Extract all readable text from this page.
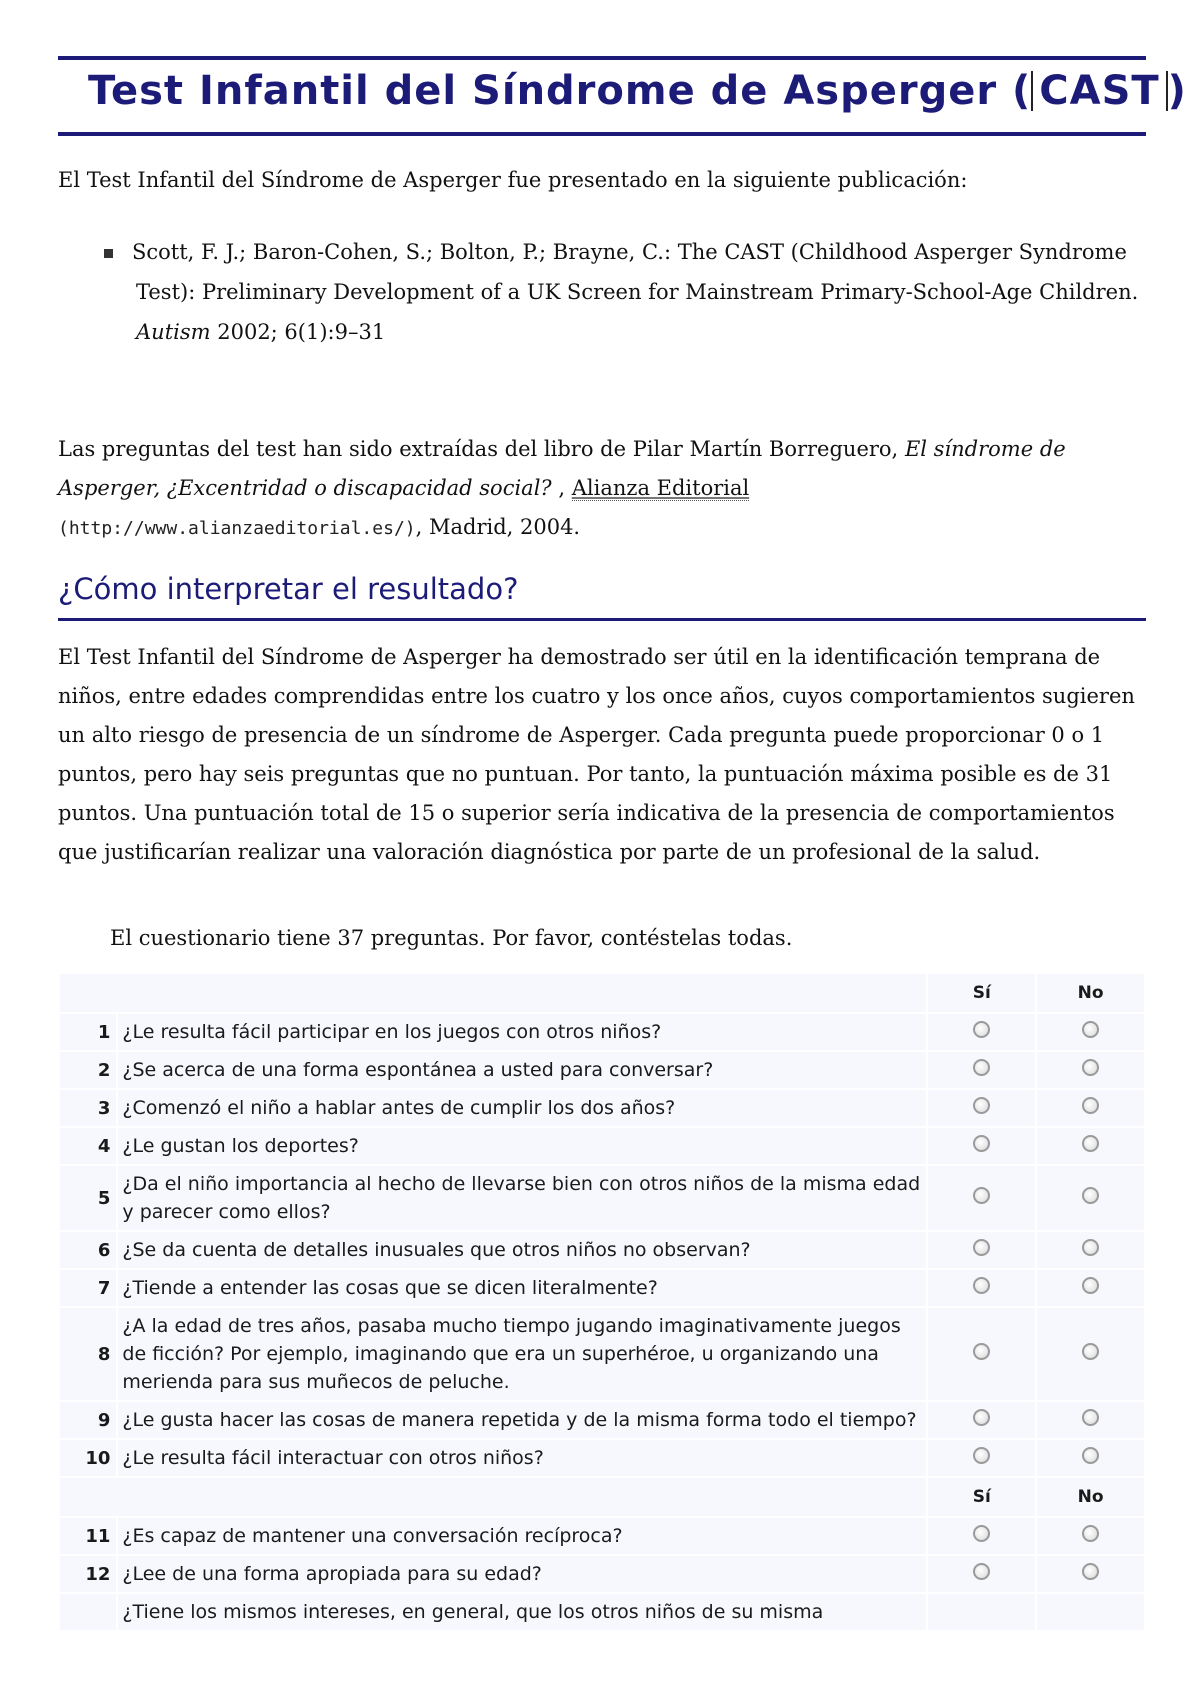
Test Infantil del Síndrome de Asperger ( CAST )
El Test Infantil del Síndrome de Asperger fue presentado en la siguiente publicación:
Scott, F. J.; Baron-Cohen, S.; Bolton, P.; Brayne, C.: The CAST (Childhood Asperger Syndrome Test): Preliminary Development of a UK Screen for Mainstream Primary-School-Age Children. Autism 2002; 6(1):9–31
Las preguntas del test han sido extraídas del libro de Pilar Martín Borreguero, El síndrome de Asperger, ¿Excentridad o discapacidad social? , Alianza Editorial
(http://www.alianzaeditorial.es/), Madrid, 2004.
¿Cómo interpretar el resultado?

El Test Infantil del Síndrome de Asperger ha demostrado ser útil en la identificación temprana de niños, entre edades comprendidas entre los cuatro y los once años, cuyos comportamientos sugieren un alto riesgo de presencia de un síndrome de Asperger. Cada pregunta puede proporcionar 0 o 1 puntos, pero hay seis preguntas que no puntuan. Por tanto, la puntuación máxima posible es de 31 puntos. Una puntuación total de 15 o superior sería indicativa de la presencia de comportamientos que justificarían realizar una valoración diagnóstica por parte de un profesional de la salud.

El cuestionario tiene 37 preguntas. Por favor, contéstelas todas.
		Sí	No
1	¿Le resulta fácil participar en los juegos con otros niños?		
2	¿Se acerca de una forma espontánea a usted para conversar?		
3	¿Comenzó el niño a hablar antes de cumplir los dos años?		
4	¿Le gustan los deportes?		
5	¿Da el niño importancia al hecho de llevarse bien con otros niños de la misma edad y parecer como ellos?		
6	¿Se da cuenta de detalles inusuales que otros niños no observan?		
7	¿Tiende a entender las cosas que se dicen literalmente?		
8	¿A la edad de tres años, pasaba mucho tiempo jugando imaginativamente juegos de ficción? Por ejemplo, imaginando que era un superhéroe, u organizando una merienda para sus muñecos de peluche.		
9	¿Le gusta hacer las cosas de manera repetida y de la misma forma todo el tiempo?		
10	¿Le resulta fácil interactuar con otros niños?		
		Sí	No
11	¿Es capaz de mantener una conversación recíproca?		
12	¿Lee de una forma apropiada para su edad?		
	¿Tiene los mismos intereses, en general, que los otros niños de su misma		
